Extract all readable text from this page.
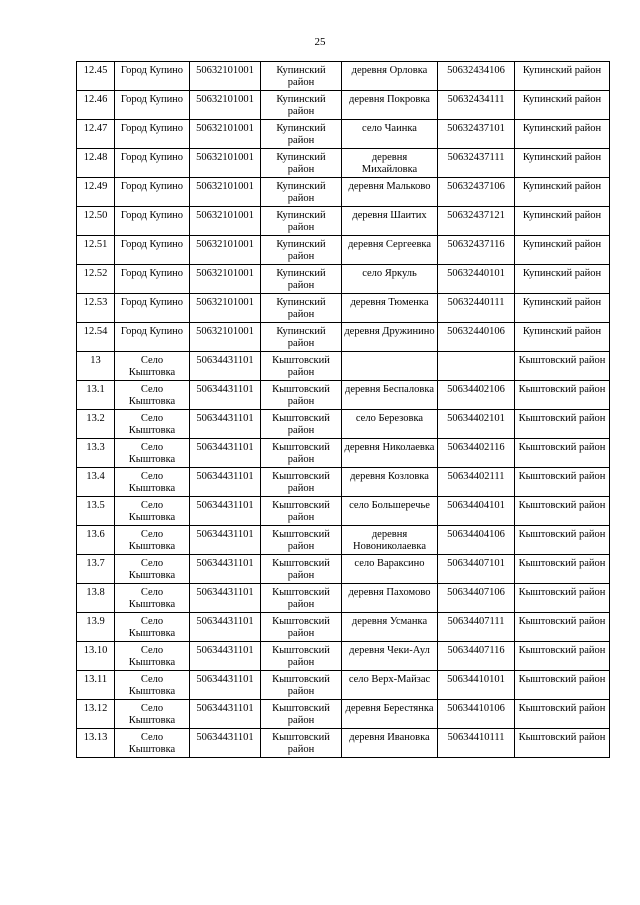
25
12.45	Город Купино	50632101001	Купинский район	деревня Орловка	50632434106	Купинский район
12.46	Город Купино	50632101001	Купинский район	деревня Покровка	50632434111	Купинский район
12.47	Город Купино	50632101001	Купинский район	село Чаинка	50632437101	Купинский район
12.48	Город Купино	50632101001	Купинский район	деревня Михайловка	50632437111	Купинский район
12.49	Город Купино	50632101001	Купинский район	деревня Мальково	50632437106	Купинский район
12.50	Город Купино	50632101001	Купинский район	деревня Шаитих	50632437121	Купинский район
12.51	Город Купино	50632101001	Купинский район	деревня Сергеевка	50632437116	Купинский район
12.52	Город Купино	50632101001	Купинский район	село Яркуль	50632440101	Купинский район
12.53	Город Купино	50632101001	Купинский район	деревня Тюменка	50632440111	Купинский район
12.54	Город Купино	50632101001	Купинский район	деревня Дружинино	50632440106	Купинский район
13	Село Кыштовка	50634431101	Кыштовский район			Кыштовский район
13.1	Село Кыштовка	50634431101	Кыштовский район	деревня Беспаловка	50634402106	Кыштовский район
13.2	Село Кыштовка	50634431101	Кыштовский район	село Березовка	50634402101	Кыштовский район
13.3	Село Кыштовка	50634431101	Кыштовский район	деревня Николаевка	50634402116	Кыштовский район
13.4	Село Кыштовка	50634431101	Кыштовский район	деревня Козловка	50634402111	Кыштовский район
13.5	Село Кыштовка	50634431101	Кыштовский район	село Большеречье	50634404101	Кыштовский район
13.6	Село Кыштовка	50634431101	Кыштовский район	деревня Новониколаевка	50634404106	Кыштовский район
13.7	Село Кыштовка	50634431101	Кыштовский район	село Вараксино	50634407101	Кыштовский район
13.8	Село Кыштовка	50634431101	Кыштовский район	деревня Пахомово	50634407106	Кыштовский район
13.9	Село Кыштовка	50634431101	Кыштовский район	деревня Усманка	50634407111	Кыштовский район
13.10	Село Кыштовка	50634431101	Кыштовский район	деревня Чеки-Аул	50634407116	Кыштовский район
13.11	Село Кыштовка	50634431101	Кыштовский район	село Верх-Майзас	50634410101	Кыштовский район
13.12	Село Кыштовка	50634431101	Кыштовский район	деревня Берестянка	50634410106	Кыштовский район
13.13	Село Кыштовка	50634431101	Кыштовский район	деревня Ивановка	50634410111	Кыштовский район
